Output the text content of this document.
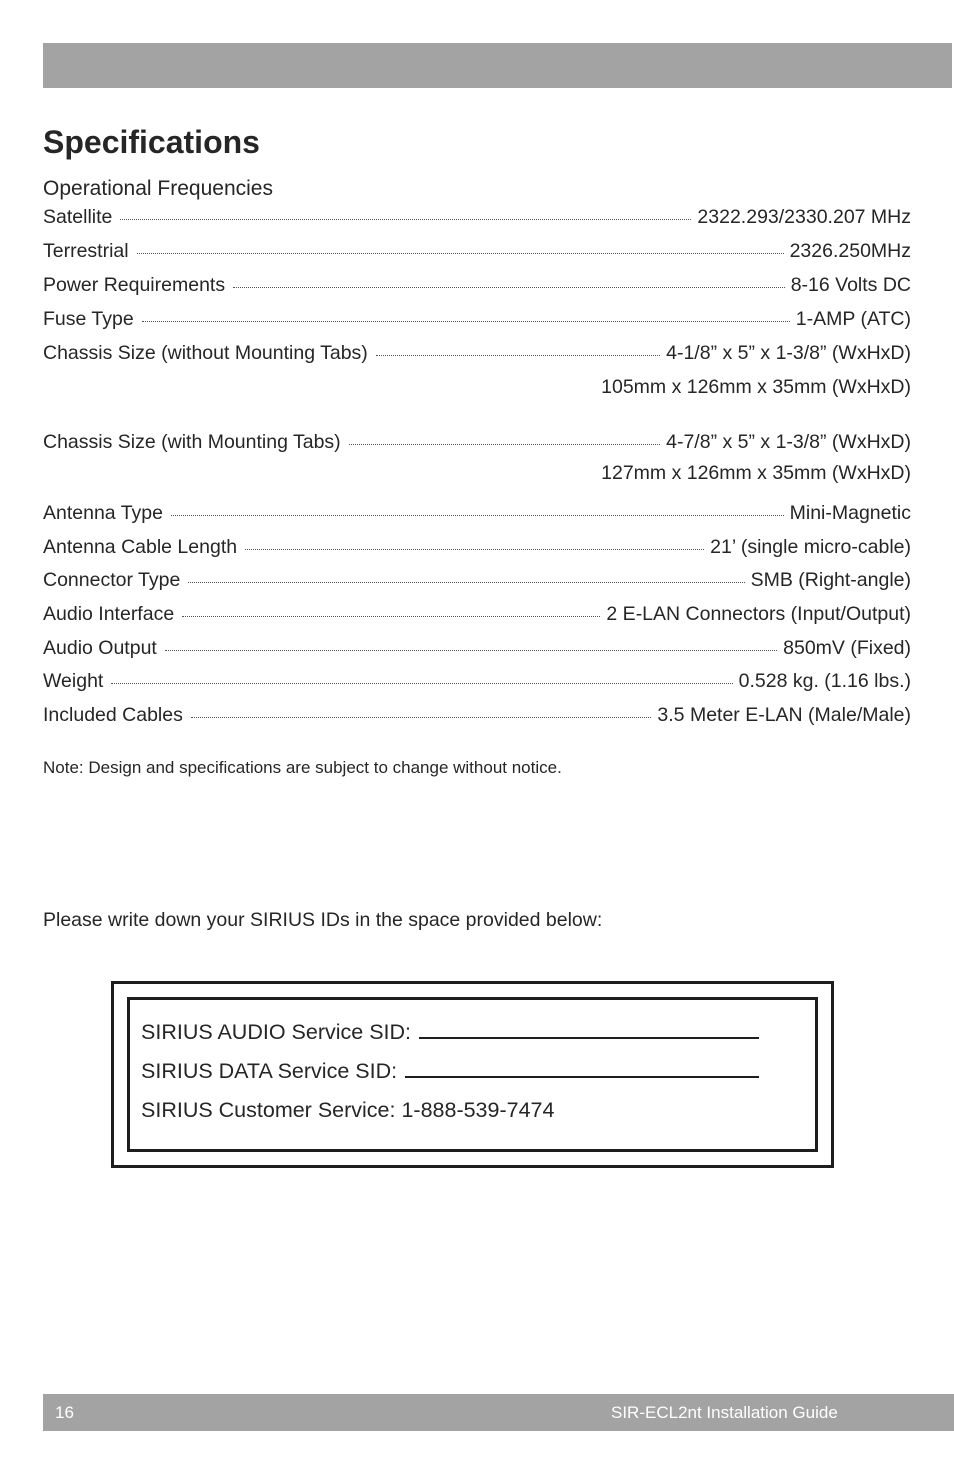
Specifications
Operational Frequencies
Satellite	2322.293/2330.207 MHz
Terrestrial	2326.250MHz
Power Requirements	8-16 Volts DC
Fuse Type	1-AMP (ATC)
Chassis Size (without Mounting Tabs)	4-1/8” x 5” x 1-3/8” (WxHxD)
105mm x 126mm x 35mm (WxHxD)
Chassis Size (with Mounting Tabs)	4-7/8” x 5” x 1-3/8” (WxHxD)
127mm x 126mm x 35mm (WxHxD)
Antenna Type	Mini-Magnetic
Antenna Cable Length	21’ (single micro-cable)
Connector Type	SMB (Right-angle)
Audio Interface	2 E-LAN Connectors (Input/Output)
Audio Output	850mV (Fixed)
Weight	0.528 kg. (1.16 lbs.)
Included Cables	3.5 Meter E-LAN (Male/Male)
Note: Design and specifications are subject to change without notice.
Please write down your SIRIUS IDs in the space provided below:
SIRIUS AUDIO Service SID:
SIRIUS DATA Service SID:
SIRIUS Customer Service: 1-888-539-7474
16	SIR-ECL2nt Installation Guide
